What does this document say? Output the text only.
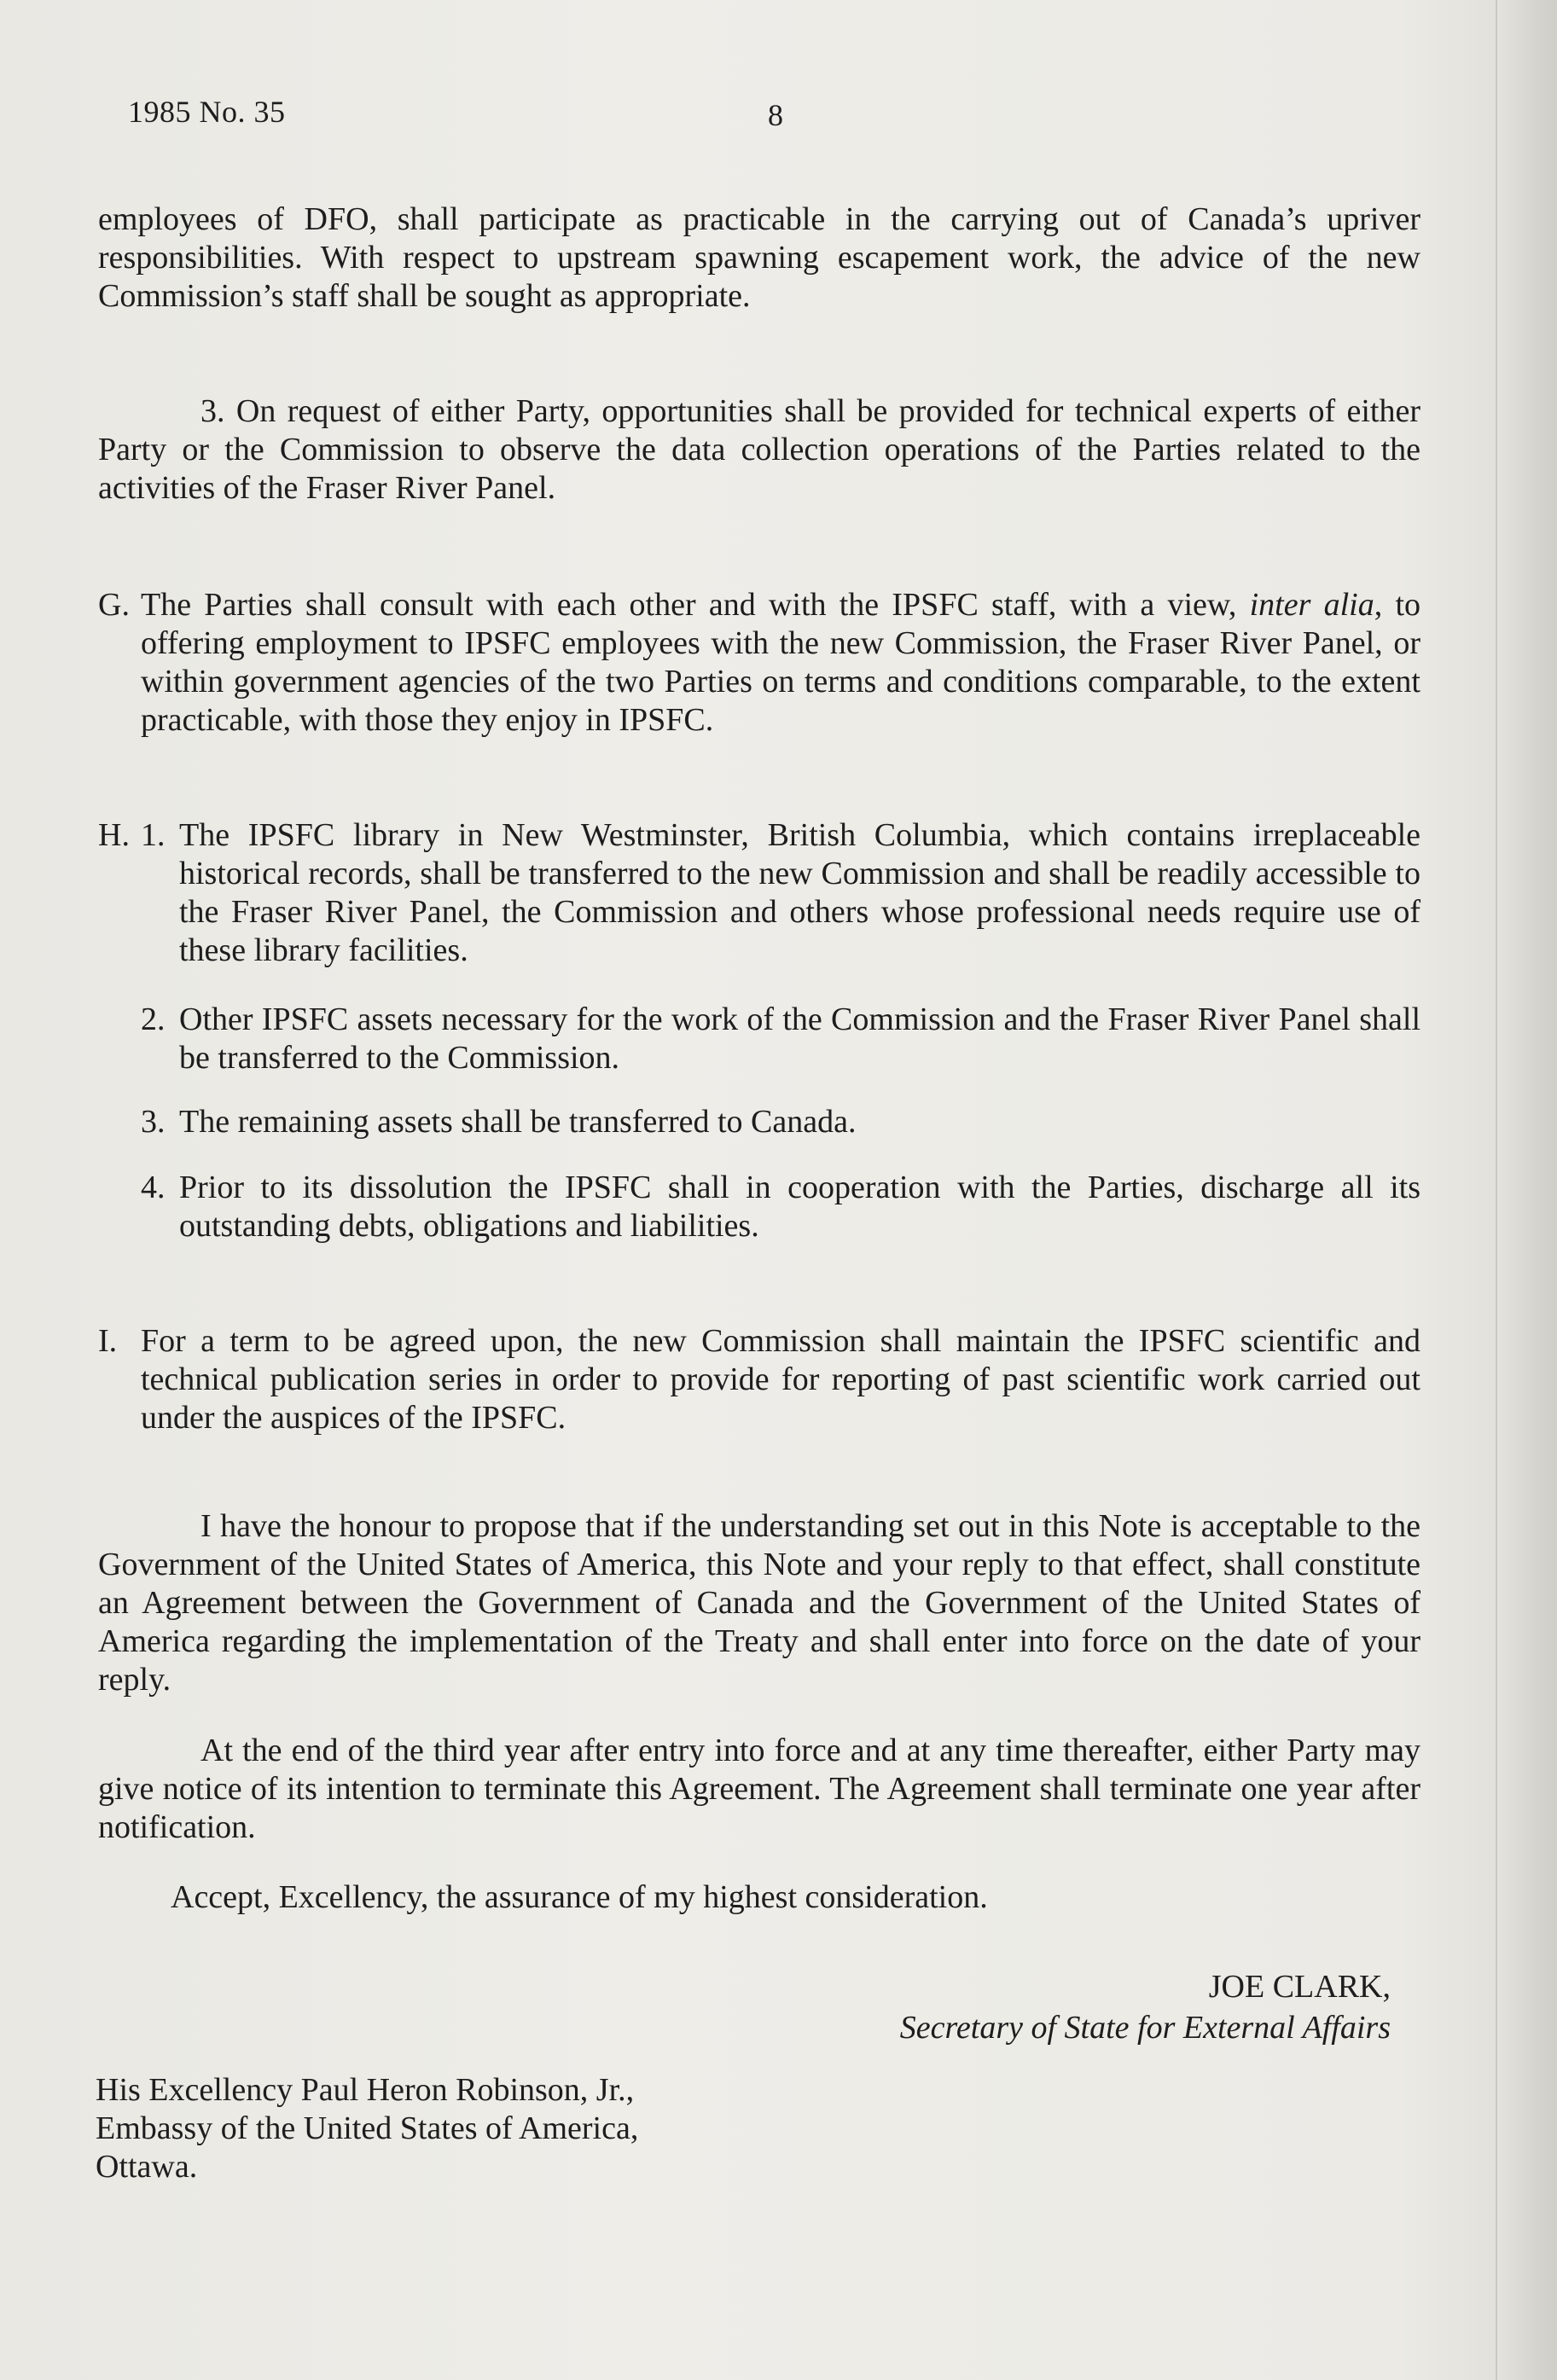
1985 No. 35	8

employees of DFO, shall participate as practicable in the carrying out of Canada’s upriver responsibilities. With respect to upstream spawning escapement work, the advice of the new Commission’s staff shall be sought as appropriate.

3. On request of either Party, opportunities shall be provided for technical experts of either Party or the Commission to observe the data collection operations of the Parties related to the activities of the Fraser River Panel.

G. The Parties shall consult with each other and with the IPSFC staff, with a view, inter alia, to offering employment to IPSFC employees with the new Commission, the Fraser River Panel, or within government agencies of the two Parties on terms and conditions comparable, to the extent practicable, with those they enjoy in IPSFC.
H. 1. The IPSFC library in New Westminster, British Columbia, which contains irreplaceable historical records, shall be transferred to the new Commission and shall be readily accessible to the Fraser River Panel, the Commission and others whose professional needs require use of these library facilities.
2. Other IPSFC assets necessary for the work of the Commission and the Fraser River Panel shall be transferred to the Commission.
3. The remaining assets shall be transferred to Canada.
4. Prior to its dissolution the IPSFC shall in cooperation with the Parties, discharge all its outstanding debts, obligations and liabilities.
I. For a term to be agreed upon, the new Commission shall maintain the IPSFC scientific and technical publication series in order to provide for reporting of past scientific work carried out under the auspices of the IPSFC.

I have the honour to propose that if the understanding set out in this Note is acceptable to the Government of the United States of America, this Note and your reply to that effect, shall constitute an Agreement between the Government of Canada and the Government of the United States of America regarding the implementation of the Treaty and shall enter into force on the date of your reply.

At the end of the third year after entry into force and at any time thereafter, either Party may give notice of its intention to terminate this Agreement. The Agreement shall terminate one year after notification.

Accept, Excellency, the assurance of my highest consideration.

JOE CLARK,
Secretary of State for External Affairs
His Excellency Paul Heron Robinson, Jr.,
Embassy of the United States of America,
Ottawa.
